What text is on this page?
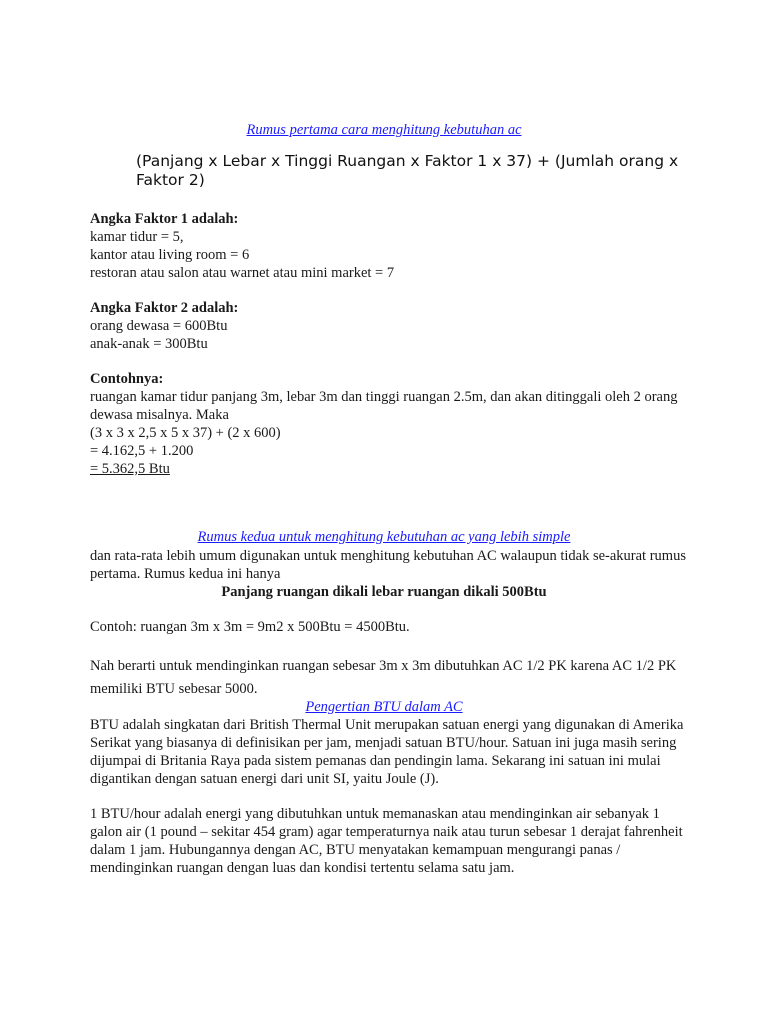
Rumus pertama cara menghitung kebutuhan ac

(Panjang x Lebar x Tinggi Ruangan x Faktor 1 x 37) + (Jumlah orang x Faktor 2)

Angka Faktor 1 adalah:

kamar tidur = 5,

kantor atau living room = 6

restoran atau salon atau warnet atau mini market = 7

Angka Faktor 2 adalah:

orang dewasa = 600Btu

anak-anak = 300Btu

Contohnya:

ruangan kamar tidur panjang 3m, lebar 3m dan tinggi ruangan 2.5m, dan akan ditinggali oleh 2 orang dewasa misalnya. Maka

(3 x 3 x 2,5 x 5 x 37) + (2 x 600)

= 4.162,5 + 1.200

= 5.362,5 Btu

Rumus kedua untuk menghitung kebutuhan ac yang lebih simple

dan rata-rata lebih umum digunakan untuk menghitung kebutuhan AC walaupun tidak se-akurat rumus pertama. Rumus kedua ini hanya

Panjang ruangan dikali lebar ruangan dikali 500Btu

Contoh: ruangan 3m x 3m = 9m2 x 500Btu = 4500Btu.

Nah berarti untuk mendinginkan ruangan sebesar 3m x 3m dibutuhkan AC 1/2 PK karena AC 1/2 PK memiliki BTU sebesar 5000.

Pengertian BTU dalam AC

BTU adalah singkatan dari British Thermal Unit merupakan satuan energi yang digunakan di Amerika Serikat yang biasanya di definisikan per jam, menjadi satuan BTU/hour. Satuan ini juga masih sering dijumpai di Britania Raya pada sistem pemanas dan pendingin lama. Sekarang ini satuan ini mulai digantikan dengan satuan energi dari unit SI, yaitu Joule (J).

1 BTU/hour adalah energi yang dibutuhkan untuk memanaskan atau mendinginkan air sebanyak 1 galon air (1 pound – sekitar 454 gram) agar temperaturnya naik atau turun sebesar 1 derajat fahrenheit dalam 1 jam. Hubungannya dengan AC, BTU menyatakan kemampuan mengurangi panas / mendinginkan ruangan dengan luas dan kondisi tertentu selama satu jam.
